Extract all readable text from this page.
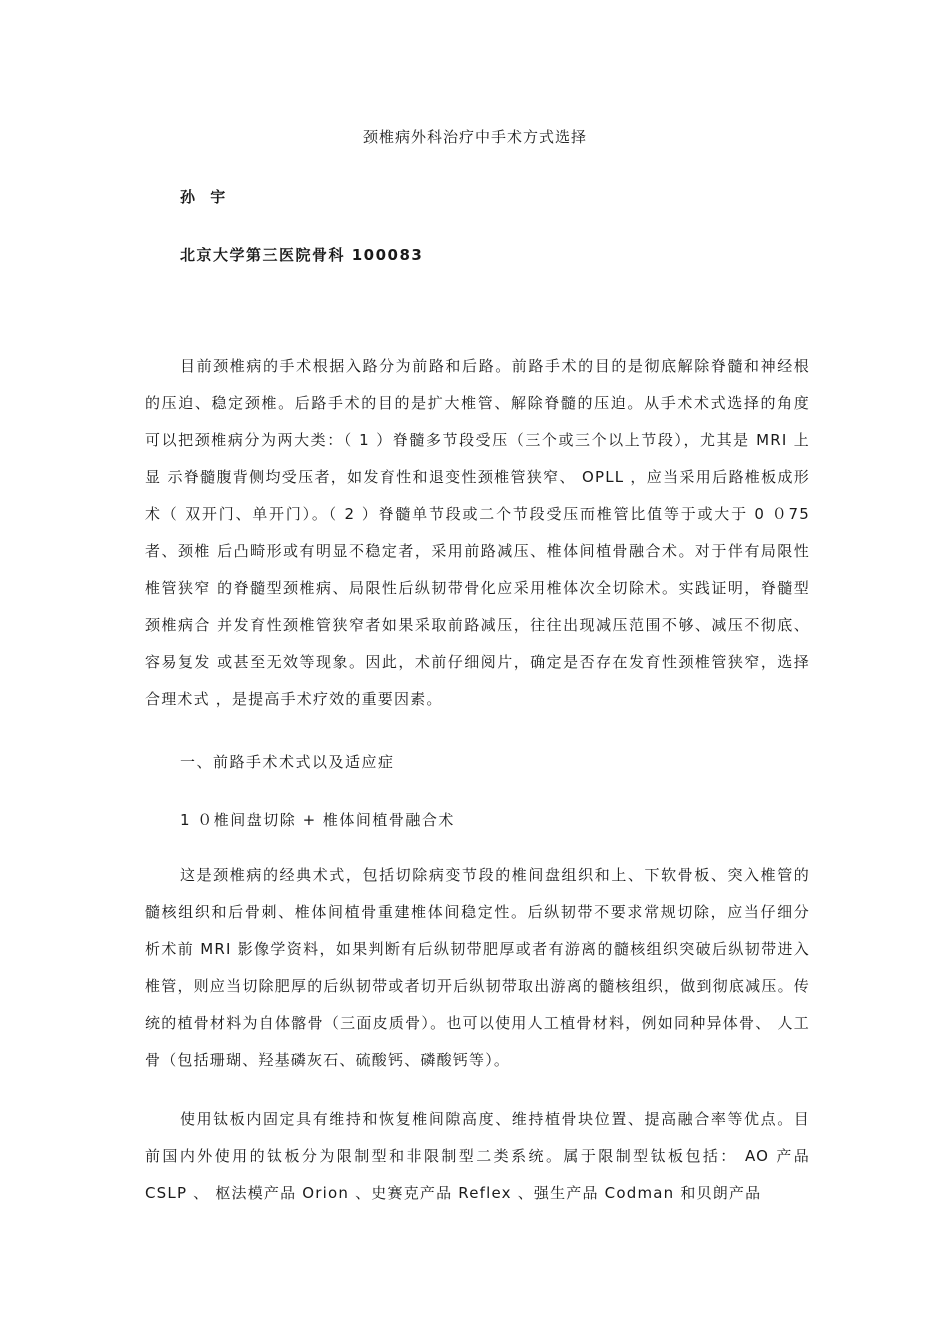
颈椎病外科治疗中手术方式选择

孙 宇

北京大学第三医院骨科 100083

目前颈椎病的手术根据入路分为前路和后路。前路手术的目的是彻底解除脊髓和神经根 的压迫、稳定颈椎。后路手术的目的是扩大椎管、解除脊髓的压迫。从手术术式选择的角度 可以把颈椎病分为两大类：（ 1 ）脊髓多节段受压（三个或三个以上节段），尤其是 MRI 上显 示脊髓腹背侧均受压者，如发育性和退变性颈椎管狭窄、 OPLL ，应当采用后路椎板成形术（ 双开门、单开门）。（ 2 ）脊髓单节段或二个节段受压而椎管比值等于或大于 0 ０75 者、颈椎 后凸畸形或有明显不稳定者，采用前路减压、椎体间植骨融合术。对于伴有局限性椎管狭窄 的脊髓型颈椎病、局限性后纵韧带骨化应采用椎体次全切除术。实践证明，脊髓型颈椎病合 并发育性颈椎管狭窄者如果采取前路减压，往往出现减压范围不够、减压不彻底、容易复发 或甚至无效等现象。因此，术前仔细阅片，确定是否存在发育性颈椎管狭窄，选择合理术式 ，是提高手术疗效的重要因素。

一、前路手术术式以及适应症

1 ０椎间盘切除 + 椎体间植骨融合术

这是颈椎病的经典术式，包括切除病变节段的椎间盘组织和上、下软骨板、突入椎管的 髓核组织和后骨刺、椎体间植骨重建椎体间稳定性。后纵韧带不要求常规切除，应当仔细分 析术前 MRI 影像学资料，如果判断有后纵韧带肥厚或者有游离的髓核组织突破后纵韧带进入 椎管，则应当切除肥厚的后纵韧带或者切开后纵韧带取出游离的髓核组织，做到彻底减压。传统的植骨材料为自体髂骨（三面皮质骨）。也可以使用人工植骨材料，例如同种异体骨、 人工骨（包括珊瑚、羟基磷灰石、硫酸钙、磷酸钙等）。

使用钛板内固定具有维持和恢复椎间隙高度、维持植骨块位置、提高融合率等优点。目 前国内外使用的钛板分为限制型和非限制型二类系统。属于限制型钛板包括： AO 产品 CSLP 、 枢法模产品 Orion 、史赛克产品 Reflex 、强生产品 Codman 和贝朗产品
